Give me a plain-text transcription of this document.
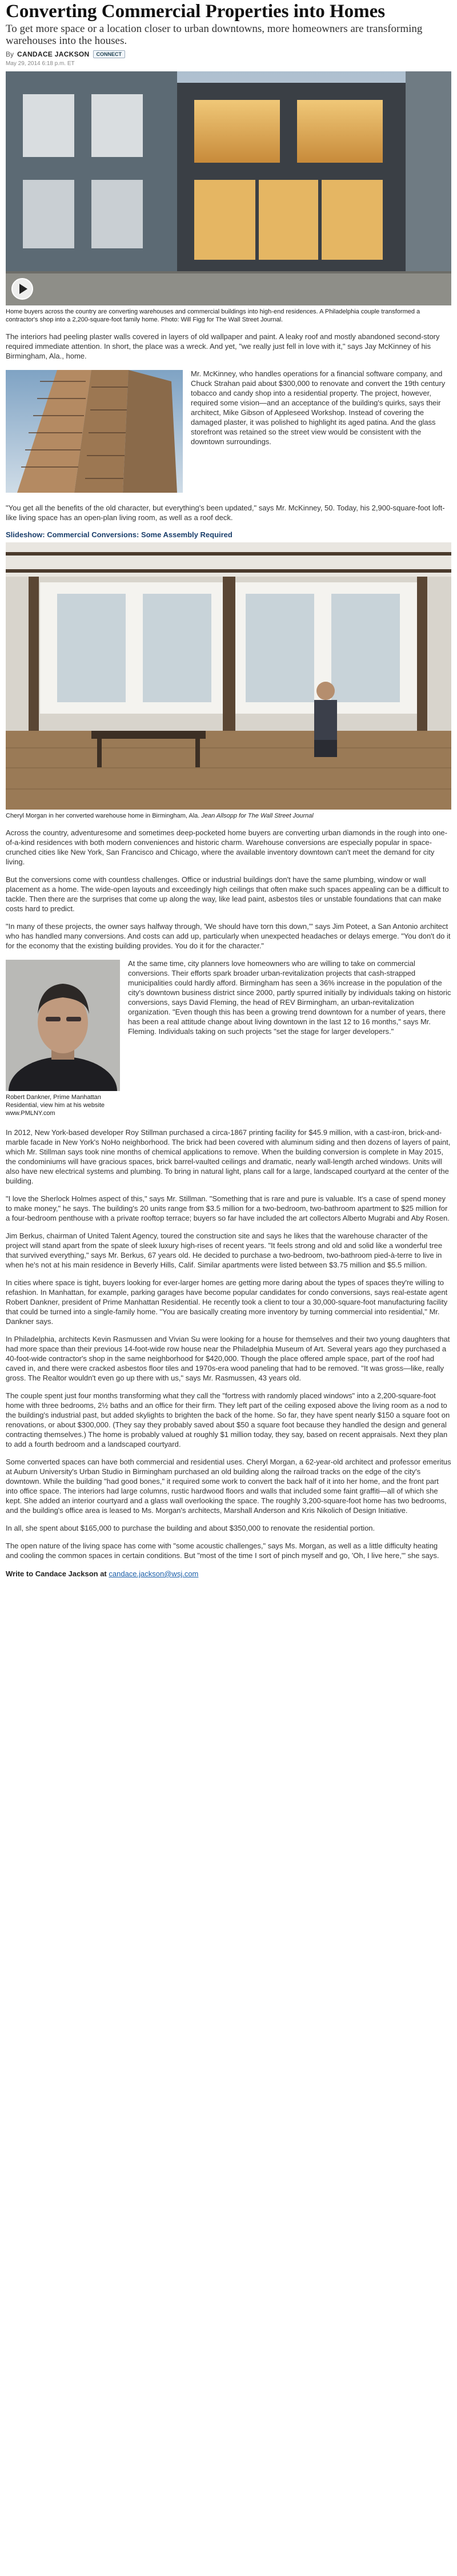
Converting Commercial Properties into Homes
To get more space or a location closer to urban downtowns, more homeowners are transforming warehouses into the houses.
By CANDACE JACKSON	CONNECT
May 29, 2014 6:18 p.m. ET
Home buyers across the country are converting warehouses and commercial buildings into high-end residences. A Philadelphia couple transformed a contractor's shop into a 2,200-square-foot family home. Photo: Will Figg for The Wall Street Journal.

The interiors had peeling plaster walls covered in layers of old wallpaper and paint. A leaky roof and mostly abandoned second-story required immediate attention. In short, the place was a wreck. And yet, "we really just fell in love with it," says Jay McKinney of his Birmingham, Ala., home.

Mr. McKinney, who handles operations for a financial software company, and Chuck Strahan paid about $300,000 to renovate and convert the 19th century tobacco and candy shop into a residential property. The project, however, required some vision—and an acceptance of the building's quirks, says their architect, Mike Gibson of Appleseed Workshop. Instead of covering the damaged plaster, it was polished to highlight its aged patina. And the glass storefront was retained so the street view would be consistent with the downtown surroundings.

"You get all the benefits of the old character, but everything's been updated," says Mr. McKinney, 50. Today, his 2,900-square-foot loft-like living space has an open-plan living room, as well as a roof deck.

Slideshow: Commercial Conversions: Some Assembly Required
Cheryl Morgan in her converted warehouse home in Birmingham, Ala. Jean Allsopp for The Wall Street Journal

Across the country, adventuresome and sometimes deep-pocketed home buyers are converting urban diamonds in the rough into one-of-a-kind residences with both modern conveniences and historic charm. Warehouse conversions are especially popular in space-crunched cities like New York, San Francisco and Chicago, where the available inventory downtown can't meet the demand for city living.

But the conversions come with countless challenges. Office or industrial buildings don't have the same plumbing, window or wall placement as a home. The wide-open layouts and exceedingly high ceilings that often make such spaces appealing can be a difficult to tackle. Then there are the surprises that come up along the way, like lead paint, asbestos tiles or unstable foundations that can make costs hard to predict.

"In many of these projects, the owner says halfway through, 'We should have torn this down,'" says Jim Poteet, a San Antonio architect who has handled many conversions. And costs can add up, particularly when unexpected headaches or delays emerge. "You don't do it for the economy that the existing building provides. You do it for the character."

Robert Dankner, Prime Manhattan Residential, view him at his website www.PMLNY.com

At the same time, city planners love homeowners who are willing to take on commercial conversions. Their efforts spark broader urban-revitalization projects that cash-strapped municipalities could hardly afford. Birmingham has seen a 36% increase in the population of the city's downtown business district since 2000, partly spurred initially by individuals taking on historic conversions, says David Fleming, the head of REV Birmingham, an urban-revitalization organization. "Even though this has been a growing trend downtown for a number of years, there has been a real attitude change about living downtown in the last 12 to 16 months," says Mr. Fleming. Individuals taking on such projects "set the stage for larger developers."

In 2012, New York-based developer Roy Stillman purchased a circa-1867 printing facility for $45.9 million, with a cast-iron, brick-and-marble facade in New York's NoHo neighborhood. The brick had been covered with aluminum siding and then dozens of layers of paint, which Mr. Stillman says took nine months of chemical applications to remove. When the building conversion is complete in May 2015, the condominiums will have gracious spaces, brick barrel-vaulted ceilings and dramatic, nearly wall-length arched windows. Units will also have new electrical systems and plumbing. To bring in natural light, plans call for a large, landscaped courtyard at the center of the building.

"I love the Sherlock Holmes aspect of this," says Mr. Stillman. "Something that is rare and pure is valuable. It's a case of spend money to make money," he says. The building's 20 units range from $3.5 million for a two-bedroom, two-bathroom apartment to $25 million for a four-bedroom penthouse with a private rooftop terrace; buyers so far have included the art collectors Alberto Mugrabi and Aby Rosen.

Jim Berkus, chairman of United Talent Agency, toured the construction site and says he likes that the warehouse character of the project will stand apart from the spate of sleek luxury high-rises of recent years. "It feels strong and old and solid like a wonderful tree that survived everything," says Mr. Berkus, 67 years old. He decided to purchase a two-bedroom, two-bathroom pied-à-terre to live in when he's not at his main residence in Beverly Hills, Calif. Similar apartments were listed between $3.75 million and $5.5 million.

In cities where space is tight, buyers looking for ever-larger homes are getting more daring about the types of spaces they're willing to refashion. In Manhattan, for example, parking garages have become popular candidates for condo conversions, says real-estate agent Robert Dankner, president of Prime Manhattan Residential. He recently took a client to tour a 30,000-square-foot manufacturing facility that could be turned into a single-family home. "You are basically creating more inventory by turning commercial into residential," Mr. Dankner says.

In Philadelphia, architects Kevin Rasmussen and Vivian Su were looking for a house for themselves and their two young daughters that had more space than their previous 14-foot-wide row house near the Philadelphia Museum of Art. Several years ago they purchased a 40-foot-wide contractor's shop in the same neighborhood for $420,000. Though the place offered ample space, part of the roof had caved in, and there were cracked asbestos floor tiles and 1970s-era wood paneling that had to be removed. "It was gross—like, really gross. The Realtor wouldn't even go up there with us," says Mr. Rasmussen, 43 years old.

The couple spent just four months transforming what they call the "fortress with randomly placed windows" into a 2,200-square-foot home with three bedrooms, 2½ baths and an office for their firm. They left part of the ceiling exposed above the living room as a nod to the building's industrial past, but added skylights to brighten the back of the home. So far, they have spent nearly $150 a square foot on renovations, or about $300,000. (They say they probably saved about $50 a square foot because they handled the design and general contracting themselves.) The home is probably valued at roughly $1 million today, they say, based on recent appraisals. Next they plan to add a fourth bedroom and a landscaped courtyard.

Some converted spaces can have both commercial and residential uses. Cheryl Morgan, a 62-year-old architect and professor emeritus at Auburn University's Urban Studio in Birmingham purchased an old building along the railroad tracks on the edge of the city's downtown. While the building "had good bones," it required some work to convert the back half of it into her home, and the front part into office space. The interiors had large columns, rustic hardwood floors and walls that included some faint graffiti—all of which she kept. She added an interior courtyard and a glass wall overlooking the space. The roughly 3,200-square-foot home has two bedrooms, and the building's office area is leased to Ms. Morgan's architects, Marshall Anderson and Kris Nikolich of Design Initiative.

In all, she spent about $165,000 to purchase the building and about $350,000 to renovate the residential portion.

The open nature of the living space has come with "some acoustic challenges," says Ms. Morgan, as well as a little difficulty heating and cooling the common spaces in certain conditions. But "most of the time I sort of pinch myself and go, 'Oh, I live here,'" she says.

Write to Candace Jackson at candace.jackson@wsj.com
